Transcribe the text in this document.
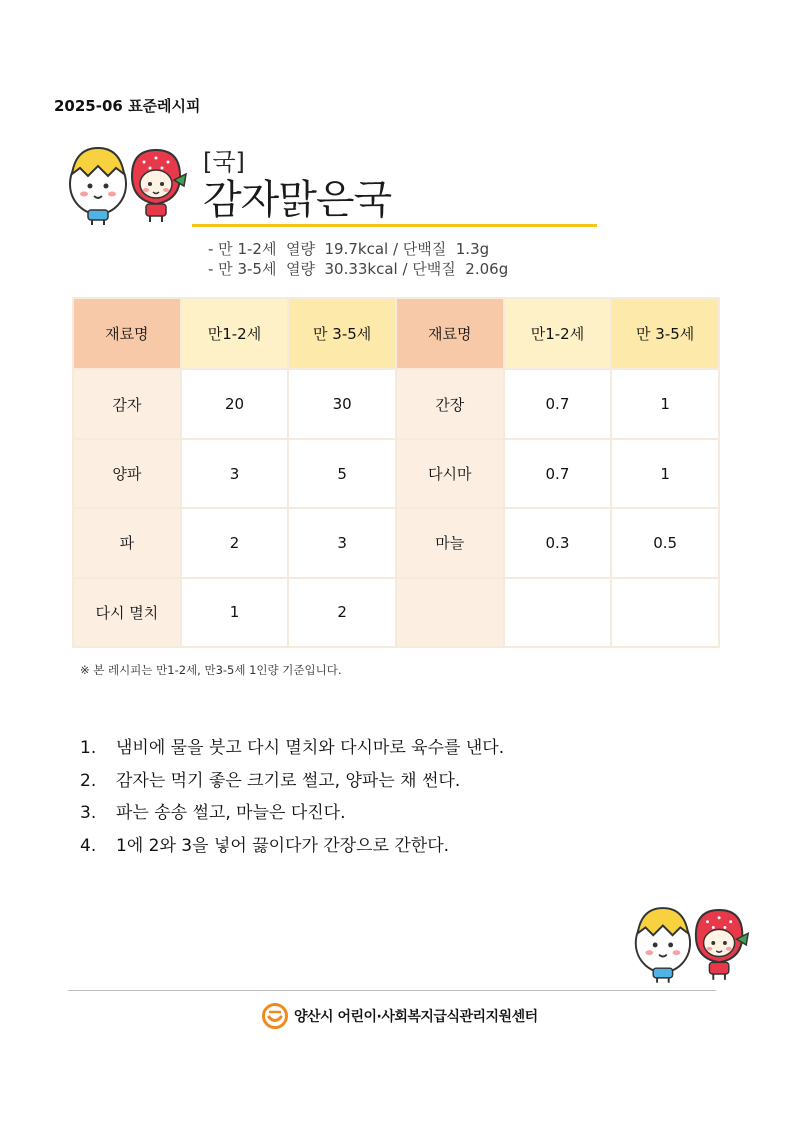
2025-06 표준레시피
[국]
감자맑은국
- 만 1-2세  열량  19.7kcal / 단백질  1.3g
- 만 3-5세  열량  30.33kcal / 단백질  2.06g
재료명	만1-2세	만 3-5세	재료명	만1-2세	만 3-5세
감자	20	30	간장	0.7	1
양파	3	5	다시마	0.7	1
파	2	3	마늘	0.3	0.5
다시 멸치	1	2			
※ 본 레시피는 만1-2세, 만3-5세 1인량 기준입니다.
1. 냄비에 물을 붓고 다시 멸치와 다시마로 육수를 낸다.
2. 감자는 먹기 좋은 크기로 썰고, 양파는 채 썬다.
3. 파는 송송 썰고, 마늘은 다진다.
4. 1에 2와 3을 넣어 끓이다가 간장으로 간한다.
양산시 어린이·사회복지급식관리지원센터
